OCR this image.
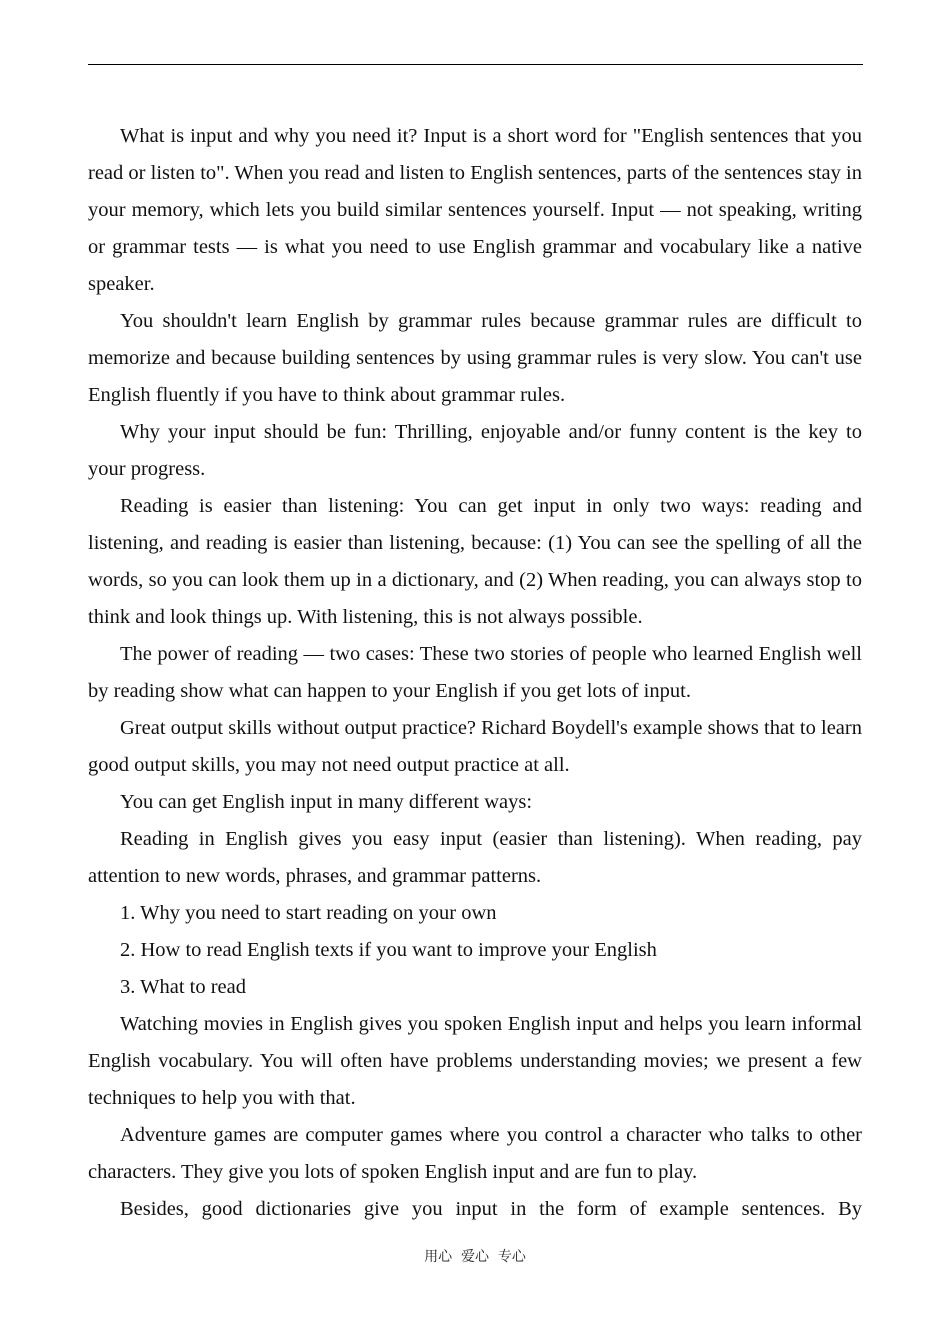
What is input and why you need it? Input is a short word for "English sentences that you read or listen to". When you read and listen to English sentences, parts of the sentences stay in your memory, which lets you build similar sentences yourself. Input — not speaking, writing or grammar tests — is what you need to use English grammar and vocabulary like a native speaker.

You shouldn't learn English by grammar rules because grammar rules are difficult to memorize and because building sentences by using grammar rules is very slow. You can't use English fluently if you have to think about grammar rules.

Why your input should be fun: Thrilling, enjoyable and/or funny content is the key to your progress.

Reading is easier than listening: You can get input in only two ways: reading and listening, and reading is easier than listening, because: (1) You can see the spelling of all the words, so you can look them up in a dictionary, and (2) When reading, you can always stop to think and look things up. With listening, this is not always possible.

The power of reading — two cases: These two stories of people who learned English well by reading show what can happen to your English if you get lots of input.

Great output skills without output practice? Richard Boydell's example shows that to learn good output skills, you may not need output practice at all.

You can get English input in many different ways:

Reading in English gives you easy input (easier than listening). When reading, pay attention to new words, phrases, and grammar patterns.

1. Why you need to start reading on your own

2. How to read English texts if you want to improve your English

3. What to read

Watching movies in English gives you spoken English input and helps you learn informal English vocabulary. You will often have problems understanding movies; we present a few techniques to help you with that.

Adventure games are computer games where you control a character who talks to other characters. They give you lots of spoken English input and are fun to play.

Besides, good dictionaries give you input in the form of example sentences. By

用心  爱心  专心
